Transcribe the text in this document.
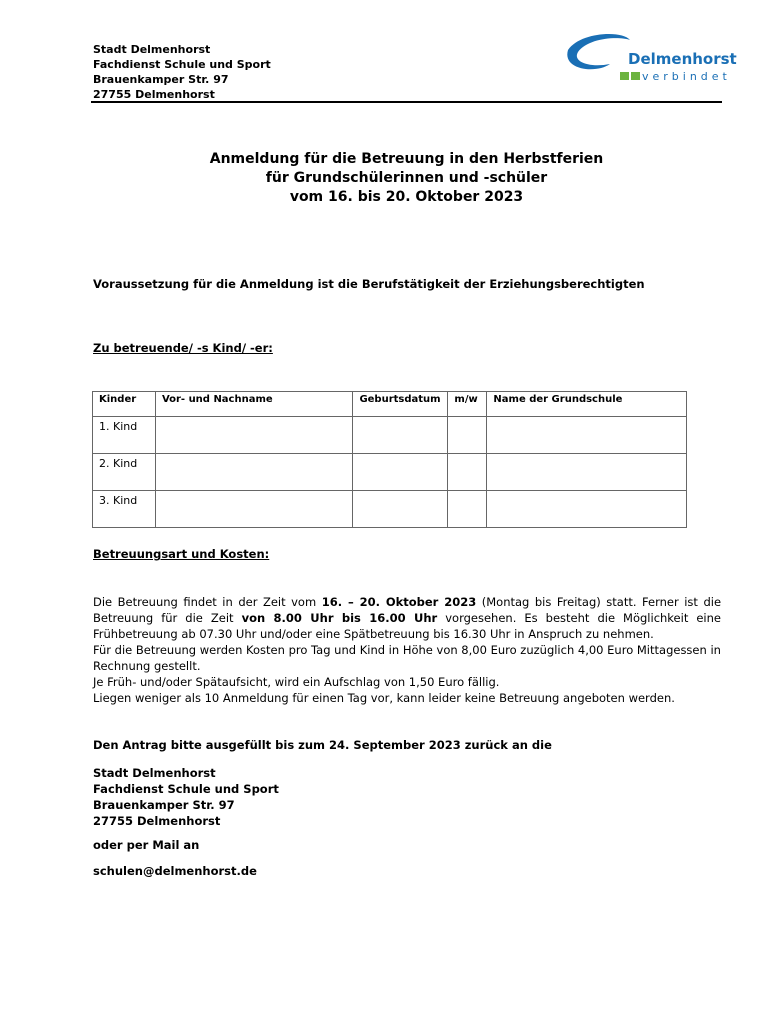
Stadt Delmenhorst
Fachdienst Schule und Sport
Brauenkamper Str. 97
27755 Delmenhorst
Delmenhorst
verbindet
Anmeldung für die Betreuung in den Herbstferien
für Grundschülerinnen und -schüler
vom 16. bis 20. Oktober 2023
Voraussetzung für die Anmeldung ist die Berufstätigkeit der Erziehungsberechtigten
Zu betreuende/ -s Kind/ -er:
Kinder	Vor- und Nachname	Geburtsdatum	m/w	Name der Grundschule
1. Kind				
2. Kind				
3. Kind				
Betreuungsart und Kosten:

Die Betreuung findet in der Zeit vom 16. – 20. Oktober 2023 (Montag bis Freitag) statt. Ferner ist die Betreuung für die Zeit von 8.00 Uhr bis 16.00 Uhr vorgesehen. Es besteht die Möglichkeit eine Frühbetreuung ab 07.30 Uhr und/oder eine Spätbetreuung bis 16.30 Uhr in Anspruch zu nehmen.

Für die Betreuung werden Kosten pro Tag und Kind in Höhe von 8,00 Euro zuzüglich 4,00 Euro Mittagessen in Rechnung gestellt.

Je Früh- und/oder Spätaufsicht, wird ein Aufschlag von 1,50 Euro fällig.

Liegen weniger als 10 Anmeldung für einen Tag vor, kann leider keine Betreuung angeboten werden.

Den Antrag bitte ausgefüllt bis zum 24. September 2023 zurück an die
Stadt Delmenhorst
Fachdienst Schule und Sport
Brauenkamper Str. 97
27755 Delmenhorst
oder per Mail an
schulen@delmenhorst.de
